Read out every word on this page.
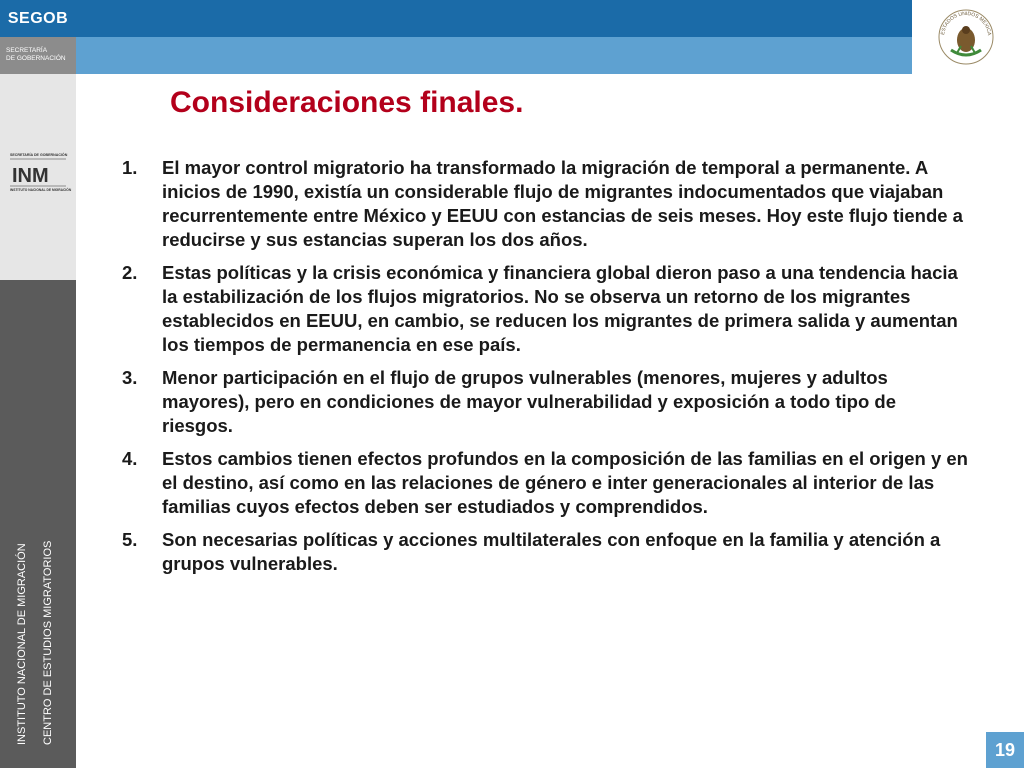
SEGOB
SECRETARÍA
DE GOBERNACIÓN
SECRETARÍA DE GOBERNACIÓN
INM
INSTITUTO NACIONAL DE MIGRACIÓN
INSTITUTO NACIONAL DE MIGRACIÓN CENTRO DE ESTUDIOS MIGRATORIOS
ESTADOS UNIDOS MEXICA
Consideraciones finales.
1. El mayor control migratorio ha transformado la migración de temporal a permanente. A inicios de 1990, existía un considerable flujo de migrantes indocumentados que viajaban recurrentemente entre México y EEUU con estancias de seis meses. Hoy este flujo tiende a reducirse y sus estancias superan los dos años.
2. Estas políticas y la crisis económica y financiera global dieron paso a una tendencia hacia la estabilización de los flujos migratorios. No se observa un retorno de los migrantes establecidos en EEUU, en cambio, se reducen los migrantes de primera salida y aumentan los tiempos de permanencia en ese país.
3. Menor participación en el flujo de grupos vulnerables (menores, mujeres y adultos mayores), pero en condiciones de mayor vulnerabilidad y exposición a todo tipo de riesgos.
4. Estos cambios tienen efectos profundos en la composición de las familias en el origen y en el destino, así como en las relaciones de género e inter generacionales al interior de las familias cuyos efectos deben ser estudiados y comprendidos.
5. Son necesarias políticas y acciones multilaterales con enfoque en la familia y atención a grupos vulnerables.
19
